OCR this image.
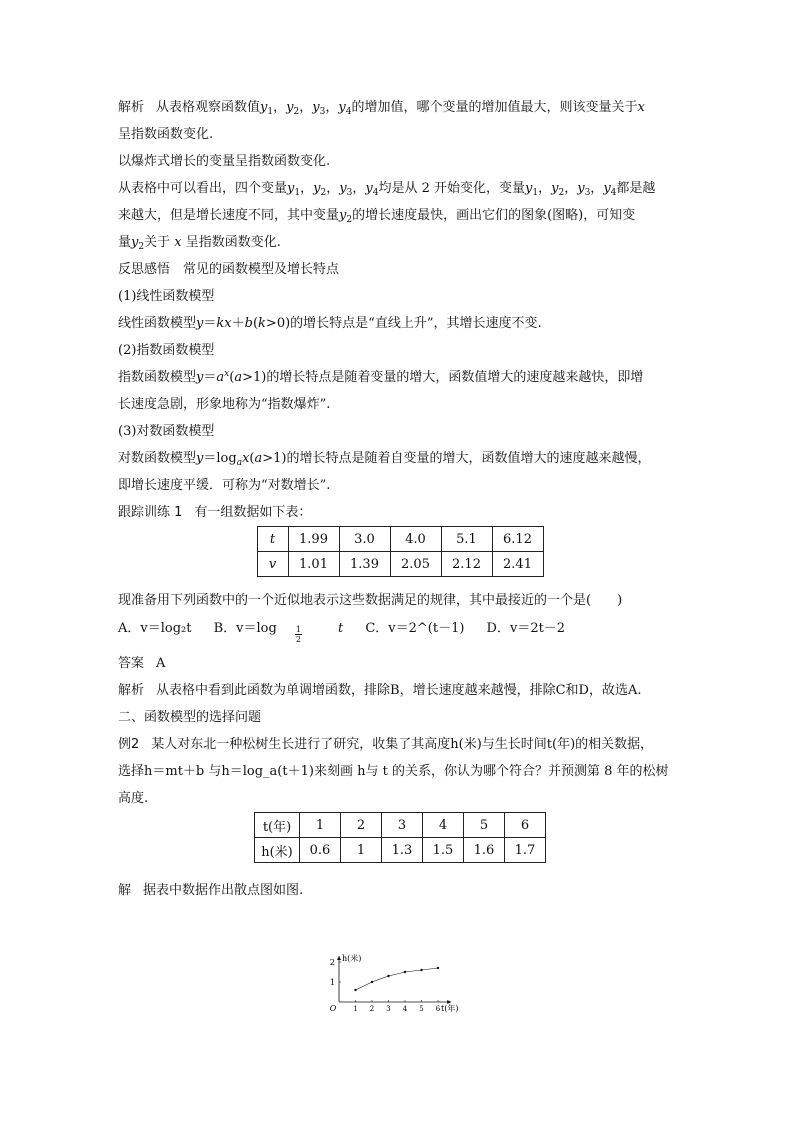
解析 从表格观察函数值$y_1$，$y_2$，$y_3$，$y_4$的增加值，哪个变量的增加值最大，则该变量关于x
呈指数函数变化.
以爆炸式增长的变量呈指数函数变化.
从表格中可以看出，四个变量$y_1$，$y_2$，$y_3$，$y_4$均是从 2 开始变化，变量$y_1$，$y_2$，$y_3$，$y_4$都是越
来越大，但是增长速度不同，其中变量$y_2$的增长速度最快，画出它们的图象(图略)，可知变
量$y_2$关于 x 呈指数函数变化.
反思感悟　常见的函数模型及增长特点
(1)线性函数模型
线性函数模型y＝kx＋b(k>0)的增长特点是“直线上升”，其增长速度不变.
(2)指数函数模型
指数函数模型$y=a^x(a>1)$的增长特点是随着变量的增大，函数值增大的速度越来越快，即增
长速度急剧，形象地称为“指数爆炸”.
(3)对数函数模型
对数函数模型$y=\log_ax(a>1)$的增长特点是随着自变量的增大，函数值增大的速度越来越慢，
即增长速度平缓．可称为“对数增长”.
跟踪训练 1 有一组数据如下表：
t	1.99	3.0	4.0	5.1	6.12
v	1.01	1.39	2.05	2.12	2.41
现准备用下列函数中的一个近似地表示这些数据满足的规律，其中最接近的一个是(　　)
A．v＝log₂t B．$v=\log \frac{1}{2}$ t C．v＝2^(t－1) D．v＝2t－2
答案 A
解析 从表格中看到此函数为单调增函数，排除B，增长速度越来越慢，排除C和D，故选A.
二、函数模型的选择问题
例2 某人对东北一种松树生长进行了研究，收集了其高度h(米)与生长时间t(年)的相关数据，
选择h＝mt＋b 与h＝log_a(t＋1)来刻画 h与 t 的关系，你认为哪个符合？并预测第 8 年的松树
高度.
t(年)	1	2	3	4	5	6
h(米)	0.6	1	1.3	1.5	1.6	1.7
解 据表中数据作出散点图如图.
1 2 3 4 5 6
1
2
O
h(米)
t(年)
